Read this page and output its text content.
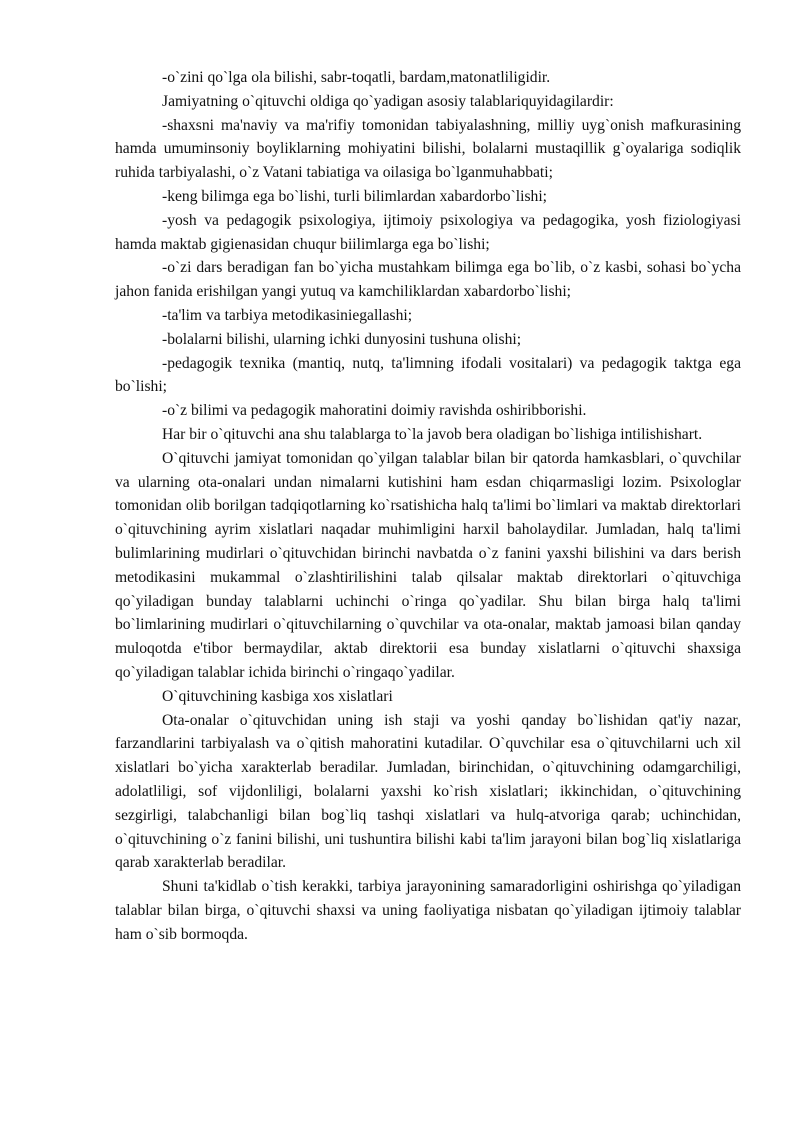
-o`zini qo`lga ola bilishi, sabr-toqatli, bardam,matonatliligidir.

Jamiyatning o`qituvchi oldiga qo`yadigan asosiy talablariquyidagilardir:

-shaxsni ma'naviy va ma'rifiy tomonidan tabiyalashning, milliy uyg`onish mafkurasining hamda umuminsoniy boyliklarning mohiyatini bilishi, bolalarni mustaqillik g`oyalariga sodiqlik ruhida tarbiyalashi, o`z Vatani tabiatiga va oilasiga bo`lganmuhabbati;

-keng bilimga ega bo`lishi, turli bilimlardan xabardorbo`lishi;

-yosh va pedagogik psixologiya, ijtimoiy psixologiya va pedagogika, yosh fiziologiyasi hamda maktab gigienasidan chuqur biilimlarga ega bo`lishi;

-o`zi dars beradigan fan bo`yicha mustahkam bilimga ega bo`lib, o`z kasbi, sohasi bo`ycha jahon fanida erishilgan yangi yutuq va kamchiliklardan xabardorbo`lishi;

-ta'lim va tarbiya metodikasiniegallashi;

-bolalarni bilishi, ularning ichki dunyosini tushuna olishi;

-pedagogik texnika (mantiq, nutq, ta'limning ifodali vositalari) va pedagogik taktga ega bo`lishi;

-o`z bilimi va pedagogik mahoratini doimiy ravishda oshiribborishi.

Har bir o`qituvchi ana shu talablarga to`la javob bera oladigan bo`lishiga intilishishart.

O`qituvchi jamiyat tomonidan qo`yilgan talablar bilan bir qatorda hamkasblari, o`quvchilar va ularning ota-onalari undan nimalarni kutishini ham esdan chiqarmasligi lozim. Psixologlar tomonidan olib borilgan tadqiqotlarning ko`rsatishicha halq ta'limi bo`limlari va maktab direktorlari o`qituvchining ayrim xislatlari naqadar muhimligini harxil baholaydilar. Jumladan, halq ta'limi bulimlarining mudirlari o`qituvchidan birinchi navbatda o`z fanini yaxshi bilishini va dars berish metodikasini mukammal o`zlashtirilishini talab qilsalar maktab direktorlari o`qituvchiga qo`yiladigan bunday talablarni uchinchi o`ringa qo`yadilar. Shu bilan birga halq ta'limi bo`limlarining mudirlari o`qituvchilarning o`quvchilar va ota-onalar, maktab jamoasi bilan qanday muloqotda e'tibor bermaydilar, aktab direktorii esa bunday xislatlarni o`qituvchi shaxsiga qo`yiladigan talablar ichida birinchi o`ringaqo`yadilar.

O`qituvchining kasbiga xos xislatlari

Ota-onalar o`qituvchidan uning ish staji va yoshi qanday bo`lishidan qat'iy nazar, farzandlarini tarbiyalash va o`qitish mahoratini kutadilar. O`quvchilar esa o`qituvchilarni uch xil xislatlari bo`yicha xarakterlab beradilar. Jumladan, birinchidan, o`qituvchining odamgarchiligi, adolatliligi, sof vijdonliligi, bolalarni yaxshi ko`rish xislatlari; ikkinchidan, o`qituvchining sezgirligi, talabchanligi bilan bog`liq tashqi xislatlari va hulq-atvoriga qarab; uchinchidan, o`qituvchining o`z fanini bilishi, uni tushuntira bilishi kabi ta'lim jarayoni bilan bog`liq xislatlariga qarab xarakterlab beradilar.

Shuni ta'kidlab o`tish kerakki, tarbiya jarayonining samaradorligini oshirishga qo`yiladigan talablar bilan birga, o`qituvchi shaxsi va uning faoliyatiga nisbatan qo`yiladigan ijtimoiy talablar ham o`sib bormoqda.
